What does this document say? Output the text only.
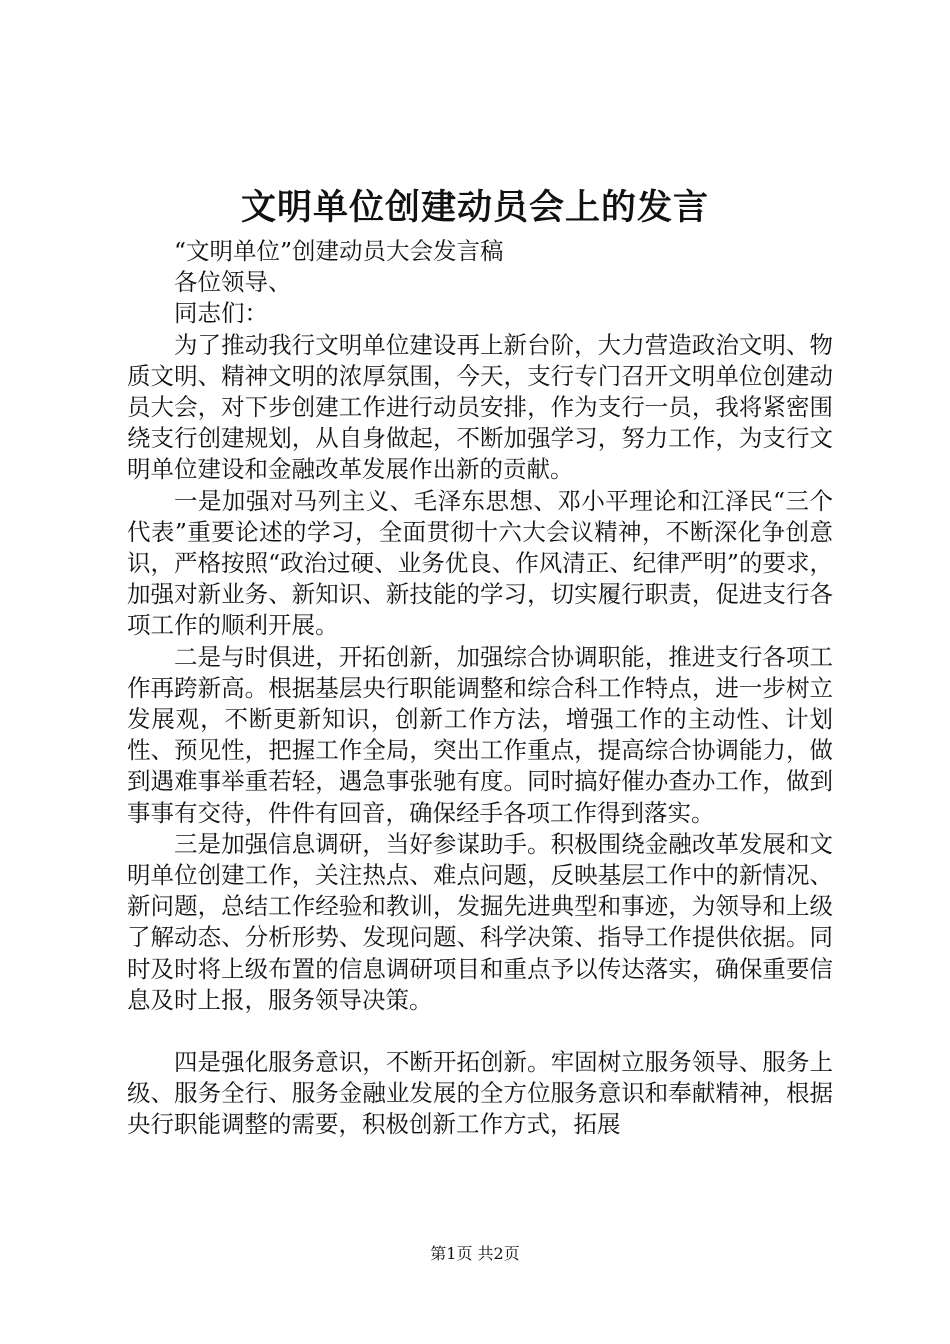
文明单位创建动员会上的发言

“文明单位”创建动员大会发言稿

各位领导、

同志们：

为了推动我行文明单位建设再上新台阶，大力营造政治文明、物质文明、精神文明的浓厚氛围，今天，支行专门召开文明单位创建动员大会，对下步创建工作进行动员安排，作为支行一员，我将紧密围绕支行创建规划，从自身做起，不断加强学习，努力工作，为支行文明单位建设和金融改革发展作出新的贡献。

一是加强对马列主义、毛泽东思想、邓小平理论和江泽民“三个代表”重要论述的学习，全面贯彻十六大会议精神，不断深化争创意识，严格按照“政治过硬、业务优良、作风清正、纪律严明”的要求，加强对新业务、新知识、新技能的学习，切实履行职责，促进支行各项工作的顺利开展。

二是与时俱进，开拓创新，加强综合协调职能，推进支行各项工作再跨新高。根据基层央行职能调整和综合科工作特点，进一步树立发展观，不断更新知识，创新工作方法，增强工作的主动性、计划性、预见性，把握工作全局，突出工作重点，提高综合协调能力，做到遇难事举重若轻，遇急事张驰有度。同时搞好催办查办工作，做到事事有交待，件件有回音，确保经手各项工作得到落实。

三是加强信息调研，当好参谋助手。积极围绕金融改革发展和文明单位创建工作，关注热点、难点问题，反映基层工作中的新情况、新问题，总结工作经验和教训，发掘先进典型和事迹，为领导和上级了解动态、分析形势、发现问题、科学决策、指导工作提供依据。同时及时将上级布置的信息调研项目和重点予以传达落实，确保重要信息及时上报，服务领导决策。

四是强化服务意识，不断开拓创新。牢固树立服务领导、服务上级、服务全行、服务金融业发展的全方位服务意识和奉献精神，根据央行职能调整的需要，积极创新工作方式，拓展

第1页 共2页
